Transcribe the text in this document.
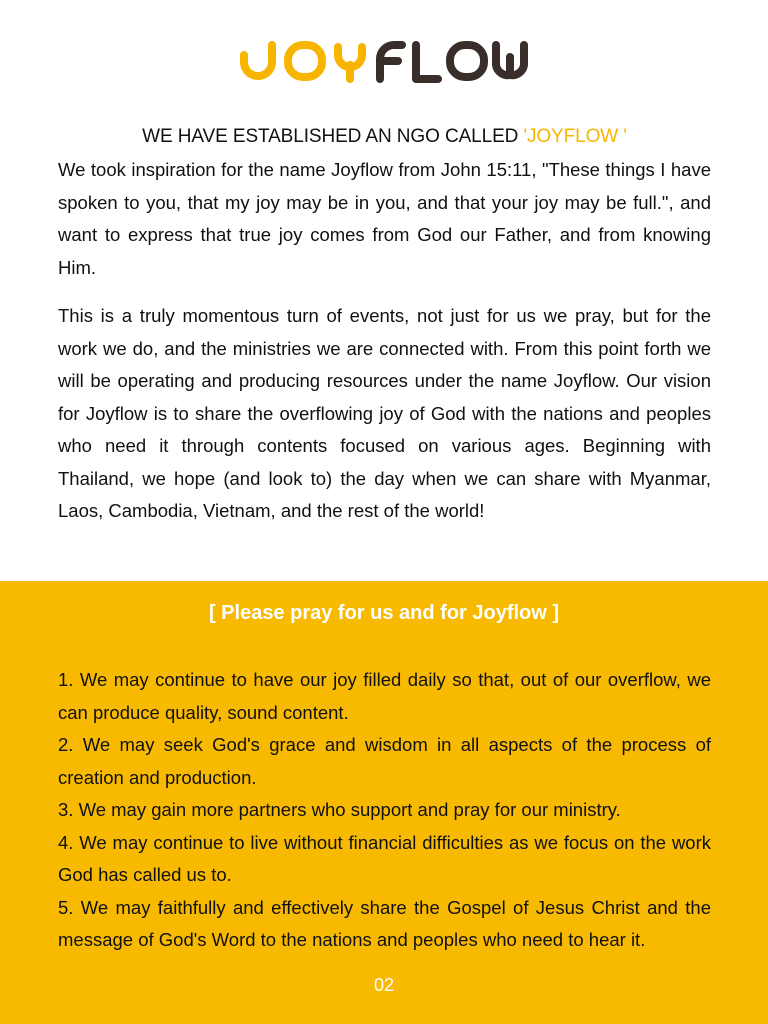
WE HAVE ESTABLISHED AN NGO CALLED 'JOYFLOW '

We took inspiration for the name Joyflow from John 15:11, "These things I have spoken to you, that my joy may be in you, and that your joy may be full.", and want to express that true joy comes from God our Father, and from knowing Him.

This is a truly momentous turn of events, not just for us we pray, but for the work we do, and the ministries we are connected with. From this point forth we will be operating and producing resources under the name Joyflow. Our vision for Joyflow is to share the overflowing joy of God with the nations and peoples who need it through contents focused on various ages. Beginning with Thailand, we hope (and look to) the day when we can share with Myanmar, Laos, Cambodia, Vietnam, and the rest of the world!

[ Please pray for us and for Joyflow ]
1. We may continue to have our joy filled daily so that, out of our overflow, we can produce quality, sound content.
2. We may seek God's grace and wisdom in all aspects of the process of creation and production.
3. We may gain more partners who support and pray for our ministry.
4. We may continue to live without financial difficulties as we focus on the work God has called us to.
5. We may faithfully and effectively share the Gospel of Jesus Christ and the message of God's Word to the nations and peoples who need to hear it.
02
